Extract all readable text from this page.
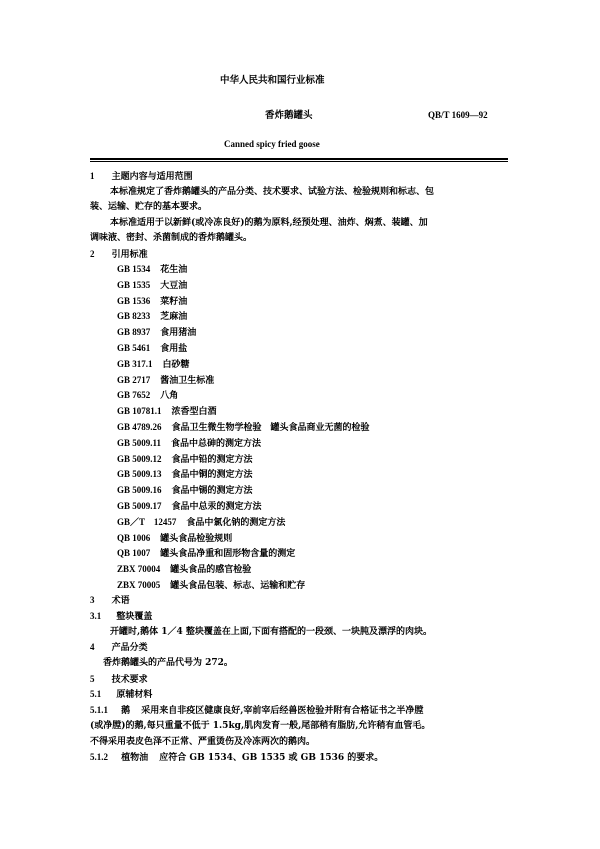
中华人民共和国行业标准
香炸鹅罐头	QB/T 1609—92
Canned spicy fried goose
1 主题内容与适用范围
本标准规定了香炸鹅罐头的产品分类、技术要求、试验方法、检验规则和标志、包
装、运输、贮存的基本要求。
本标准适用于以新鲜(或冷冻良好)的鹅为原料,经预处理、油炸、焖煮、装罐、加
调味液、密封、杀菌制成的香炸鹅罐头。
2 引用标准
GB 1534 花生油
GB 1535 大豆油
GB 1536 菜籽油
GB 8233 芝麻油
GB 8937 食用猪油
GB 5461 食用盐
GB 317.1 白砂糖
GB 2717 酱油卫生标准
GB 7652 八角
GB 10781.1 浓香型白酒
GB 4789.26 食品卫生微生物学检验　罐头食品商业无菌的检验
GB 5009.11 食品中总砷的测定方法
GB 5009.12 食品中铅的测定方法
GB 5009.13 食品中铜的测定方法
GB 5009.16 食品中锡的测定方法
GB 5009.17 食品中总汞的测定方法
GB／T　12457 食品中氯化钠的测定方法
QB 1006 罐头食品检验规则
QB 1007 罐头食品净重和固形物含量的测定
ZBX 70004 罐头食品的感官检验
ZBX 70005 罐头食品包装、标志、运输和贮存
3 术语
3.1 整块覆盖
开罐时,鹅体 1／4 整块覆盖在上面,下面有搭配的一段颈、一块肫及漂浮的肉块。
4 产品分类
香炸鹅罐头的产品代号为 272。
5 技术要求
5.1 原辅材料
5.1.1 鹅 采用来自非疫区健康良好,宰前宰后经兽医检验并附有合格证书之半净膛
(或净膛)的鹅,每只重量不低于 1.5kg,肌肉发育一般,尾部稍有脂肪,允许稍有血管毛。
不得采用表皮色泽不正常、严重烫伤及冷冻两次的鹅肉。
5.1.2 植物油 应符合 GB 1534、GB 1535 或 GB 1536 的要求。
